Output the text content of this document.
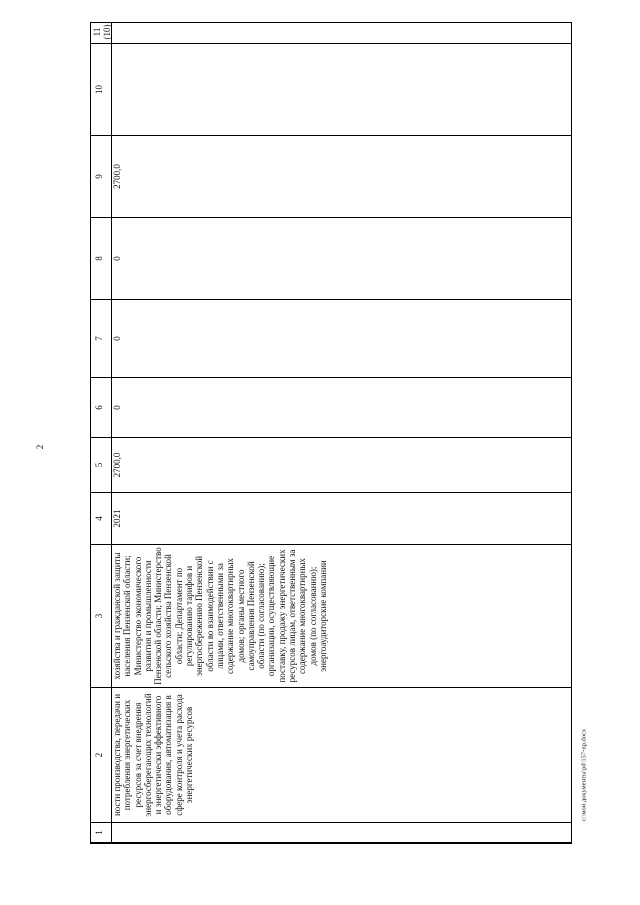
2
1
2 ности производства, передачи и потребления энергетических ресурсов за счет внедрения энергосберегающих технологий и энергетически эффективного оборудования, автоматизация в сфере контроля и учета расхода энергетических ресурсов
3 хозяйства и гражданской защиты населения Пензенской области; Министерство экономического развития и промышленности Пензенской области; Министерство сельского хозяйства Пензенской области; Департамент по регулированию тарифов и энергосбережению Пензенской области во взаимодействии с лицами, ответственными за содержание многоквартирных домов; органы местного самоуправления Пензенской области (по согласованию); организации, осуществляющие поставку, продажу энергетических ресурсов лицам, ответственным за содержание многоквартирных домов (по согласованию); энергоаудиторские компании
4 2021
5 2700,0
6 0
7 0
8 0
9 2700,0
10
11 (10)
c:\мои документы\pd\157-np.docx
